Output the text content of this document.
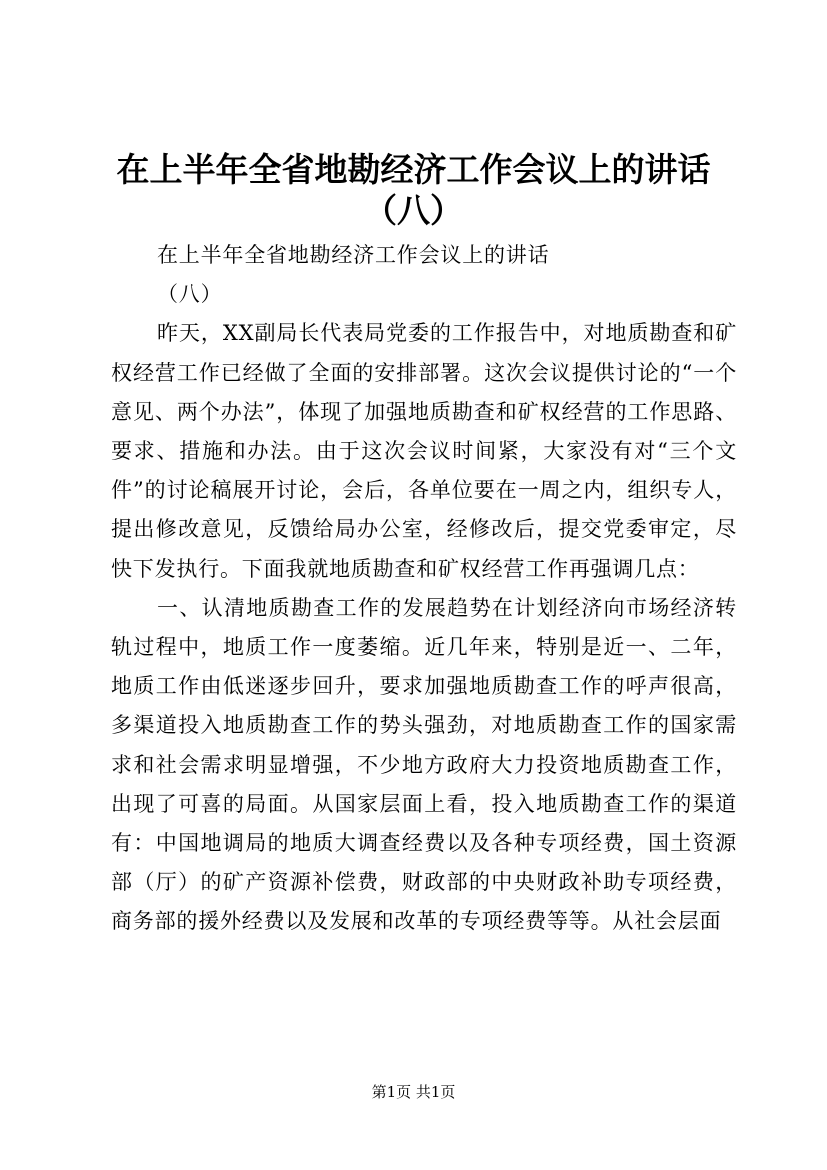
在上半年全省地勘经济工作会议上的讲话
（八）

在上半年全省地勘经济工作会议上的讲话

（八）

昨天，XX副局长代表局党委的工作报告中，对地质勘查和矿权经营工作已经做了全面的安排部署。这次会议提供讨论的“一个意见、两个办法”，体现了加强地质勘查和矿权经营的工作思路、要求、措施和办法。由于这次会议时间紧，大家没有对“三个文件”的讨论稿展开讨论，会后，各单位要在一周之内，组织专人，提出修改意见，反馈给局办公室，经修改后，提交党委审定，尽快下发执行。下面我就地质勘查和矿权经营工作再强调几点：

一、认清地质勘查工作的发展趋势在计划经济向市场经济转轨过程中，地质工作一度萎缩。近几年来，特别是近一、二年，地质工作由低迷逐步回升，要求加强地质勘查工作的呼声很高，多渠道投入地质勘查工作的势头强劲，对地质勘查工作的国家需求和社会需求明显增强，不少地方政府大力投资地质勘查工作，出现了可喜的局面。从国家层面上看，投入地质勘查工作的渠道有：中国地调局的地质大调查经费以及各种专项经费，国土资源部（厅）的矿产资源补偿费，财政部的中央财政补助专项经费，商务部的援外经费以及发展和改革的专项经费等等。从社会层面

第1页 共1页
